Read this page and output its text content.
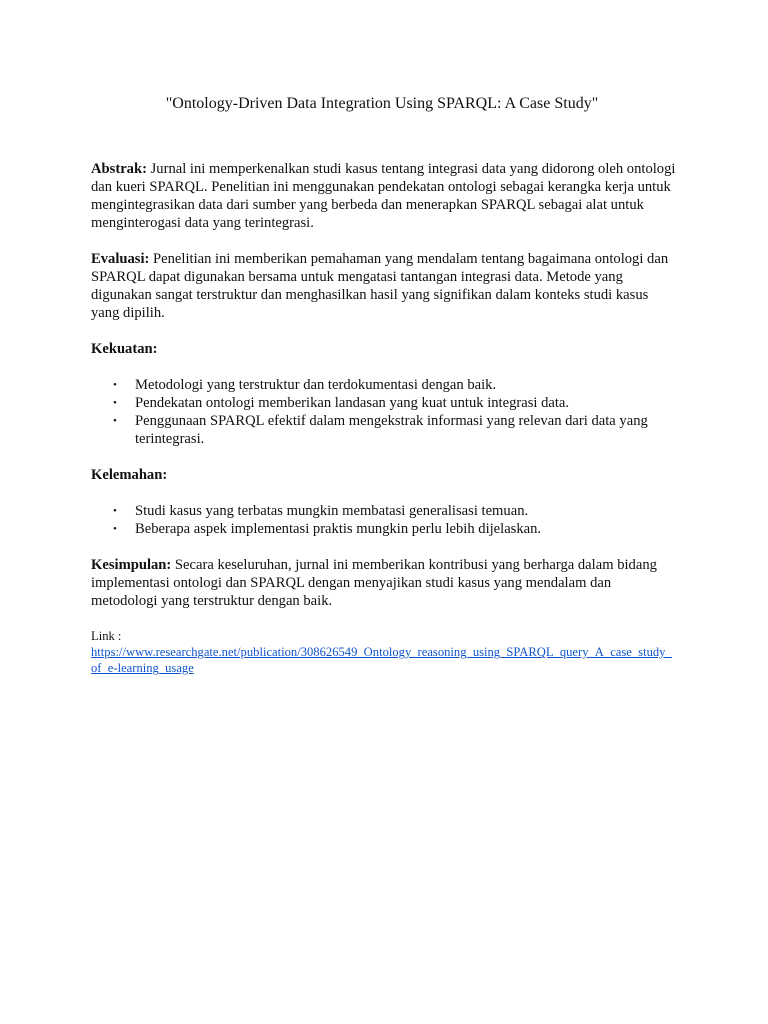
"Ontology-Driven Data Integration Using SPARQL: A Case Study"

Abstrak: Jurnal ini memperkenalkan studi kasus tentang integrasi data yang didorong oleh ontologi dan kueri SPARQL. Penelitian ini menggunakan pendekatan ontologi sebagai kerangka kerja untuk mengintegrasikan data dari sumber yang berbeda dan menerapkan SPARQL sebagai alat untuk menginterogasi data yang terintegrasi.

Evaluasi: Penelitian ini memberikan pemahaman yang mendalam tentang bagaimana ontologi dan SPARQL dapat digunakan bersama untuk mengatasi tantangan integrasi data. Metode yang digunakan sangat terstruktur dan menghasilkan hasil yang signifikan dalam konteks studi kasus yang dipilih.

Kekuatan:
• Metodologi yang terstruktur dan terdokumentasi dengan baik.
• Pendekatan ontologi memberikan landasan yang kuat untuk integrasi data.
• Penggunaan SPARQL efektif dalam mengekstrak informasi yang relevan dari data yang terintegrasi.
Kelemahan:
• Studi kasus yang terbatas mungkin membatasi generalisasi temuan.
• Beberapa aspek implementasi praktis mungkin perlu lebih dijelaskan.

Kesimpulan: Secara keseluruhan, jurnal ini memberikan kontribusi yang berharga dalam bidang implementasi ontologi dan SPARQL dengan menyajikan studi kasus yang mendalam dan metodologi yang terstruktur dengan baik.

Link :
https://www.researchgate.net/publication/308626549_Ontology_reasoning_using_SPARQL_query_A_case_study_of_e-learning_usage
